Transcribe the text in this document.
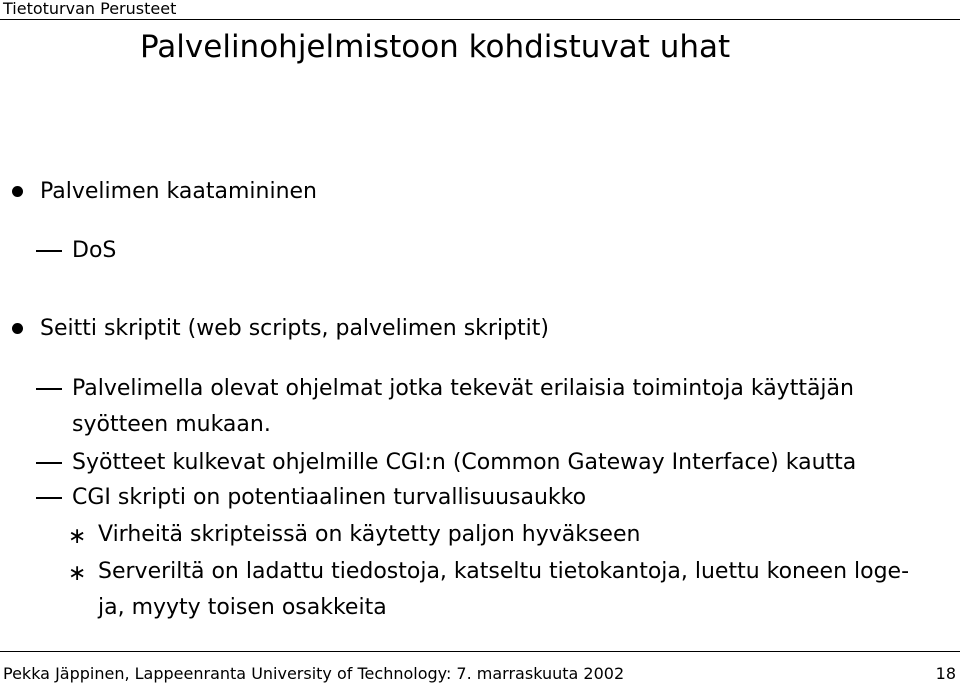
Tietoturvan Perusteet
Palvelinohjelmistoon kohdistuvat uhat
Palvelimen kaatamininen
DoS
Seitti skriptit (web scripts, palvelimen skriptit)
Palvelimella olevat ohjelmat jotka tekevät erilaisia toimintoja käyttäjän
syötteen mukaan.
Syötteet kulkevat ohjelmille CGI:n (Common Gateway Interface) kautta
CGI skripti on potentiaalinen turvallisuusaukko
∗ Virheitä skripteissä on käytetty paljon hyväkseen
∗ Serveriltä on ladattu tiedostoja, katseltu tietokantoja, luettu koneen loge-
ja, myyty toisen osakkeita
Pekka Jäppinen, Lappeenranta University of Technology: 7. marraskuuta 2002	18
